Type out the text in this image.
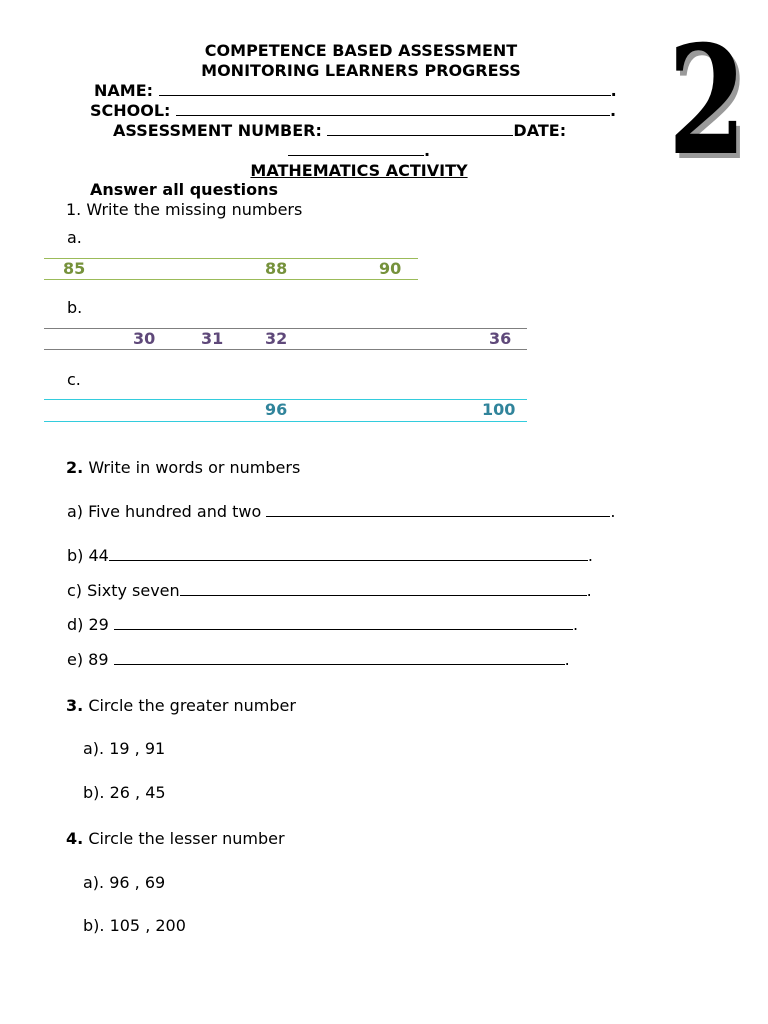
2
COMPETENCE BASED ASSESSMENT
MONITORING LEARNERS PROGRESS
NAME:	.
SCHOOL:	.
ASSESSMENT NUMBER:	DATE:
.
MATHEMATICS ACTIVITY
Answer all questions
1. Write the missing numbers
a.
85	88	90
b.
30	31	32	36
c.
96	100
2. Write in words or numbers
a) Five hundred and two	.
b) 44	.
c) Sixty seven	.
d) 29	.
e) 89	.
3. Circle the greater number
a). 19 , 91
b). 26 , 45
4. Circle the lesser number
a). 96 , 69
b). 105 , 200
